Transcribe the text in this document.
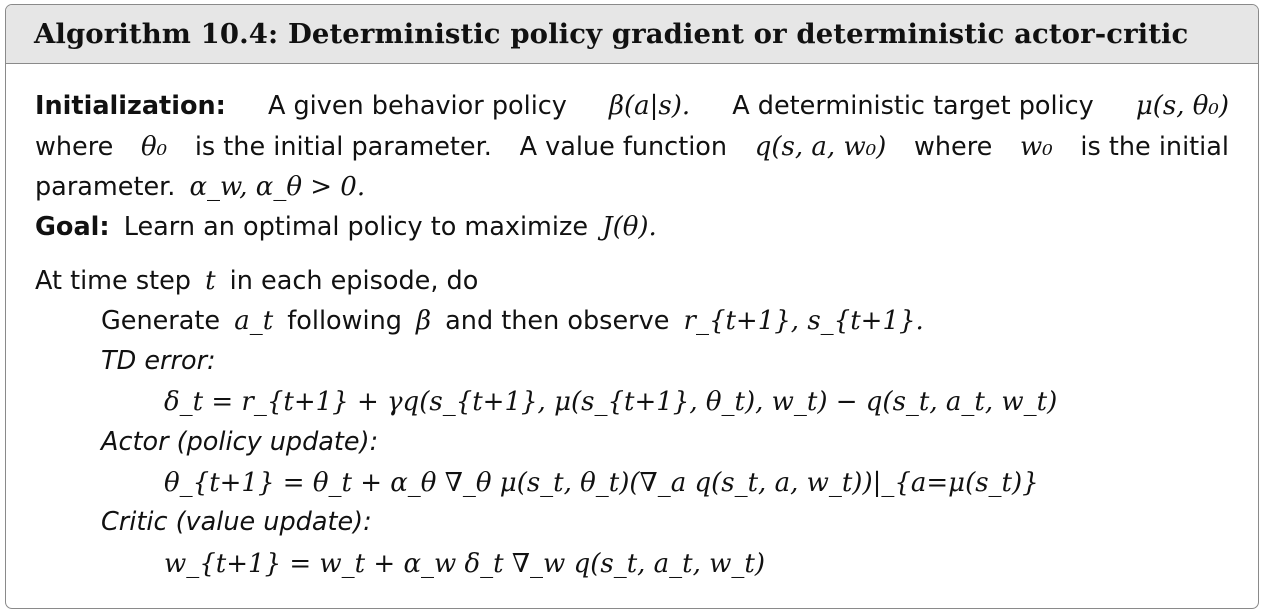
Algorithm 10.4: Deterministic policy gradient or deterministic actor-critic
Initialization: A given behavior policy β(a|s). A deterministic target policy μ(s, θ₀)
where θ₀ is the initial parameter. A value function q(s, a, w₀) where w₀ is the initial
parameter. α_w, α_θ > 0.
Goal: Learn an optimal policy to maximize J(θ).
At time step t in each episode, do
Generate a_t following β and then observe r_{t+1}, s_{t+1}.
TD error:
δ_t = r_{t+1} + γq(s_{t+1}, μ(s_{t+1}, θ_t), w_t) − q(s_t, a_t, w_t)
Actor (policy update):
θ_{t+1} = θ_t + α_θ ∇_θ μ(s_t, θ_t)(∇_a q(s_t, a, w_t))|_{a=μ(s_t)}
Critic (value update):
w_{t+1} = w_t + α_w δ_t ∇_w q(s_t, a_t, w_t)
